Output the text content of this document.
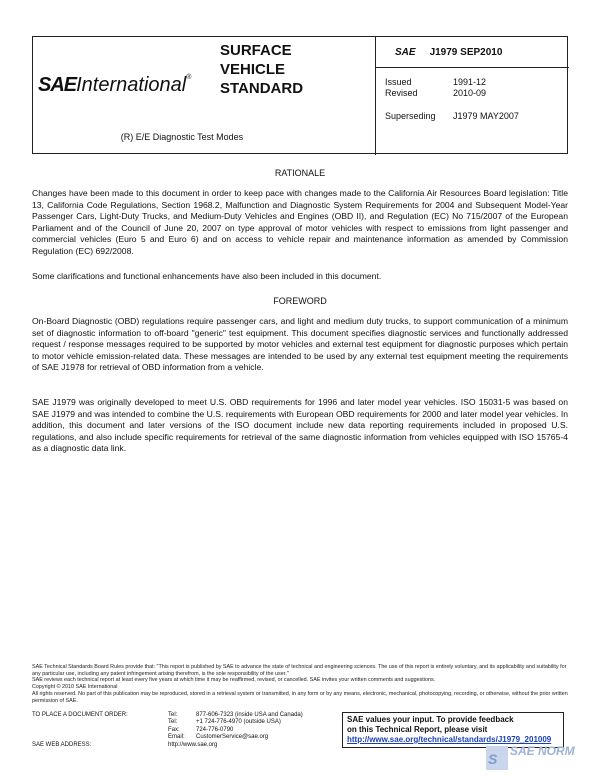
SAEInternational®
SURFACE
VEHICLE
STANDARD
SAE J1979 SEP2010
Issued	1991-12
Revised	2010-09
Superseding J1979 MAY2007
(R) E/E Diagnostic Test Modes
RATIONALE
Changes have been made to this document in order to keep pace with changes made to the California Air Resources Board legislation: Title 13, California Code Regulations, Section 1968.2, Malfunction and Diagnostic System Requirements for 2004 and Subsequent Model-Year Passenger Cars, Light-Duty Trucks, and Medium-Duty Vehicles and Engines (OBD II), and Regulation (EC) No 715/2007 of the European Parliament and of the Council of June 20, 2007 on type approval of motor vehicles with respect to emissions from light passenger and commercial vehicles (Euro 5 and Euro 6) and on access to vehicle repair and maintenance information as amended by Commission Regulation (EC) 692/2008.
Some clarifications and functional enhancements have also been included in this document.
FOREWORD
On-Board Diagnostic (OBD) regulations require passenger cars, and light and medium duty trucks, to support communication of a minimum set of diagnostic information to off-board "generic" test equipment. This document specifies diagnostic services and functionally addressed request / response messages required to be supported by motor vehicles and external test equipment for diagnostic purposes which pertain to motor vehicle emission-related data. These messages are intended to be used by any external test equipment meeting the requirements of SAE J1978 for retrieval of OBD information from a vehicle.
SAE J1979 was originally developed to meet U.S. OBD requirements for 1996 and later model year vehicles. ISO 15031-5 was based on SAE J1979 and was intended to combine the U.S. requirements with European OBD requirements for 2000 and later model year vehicles. In addition, this document and later versions of the ISO document include new data reporting requirements included in proposed U.S. regulations, and also include specific requirements for retrieval of the same diagnostic information from vehicles equipped with ISO 15765-4 as a diagnostic data link.
SAE Technical Standards Board Rules provide that: "This report is published by SAE to advance the state of technical and engineering sciences. The use of this report is entirely voluntary, and its applicability and suitability for any particular use, including any patent infringement arising therefrom, is the sole responsibility of the user."
SAE reviews each technical report at least every five years at which time it may be reaffirmed, revised, or cancelled. SAE invites your written comments and suggestions.
Copyright © 2010 SAE International
All rights reserved. No part of this publication may be reproduced, stored in a retrieval system or transmitted, in any form or by any means, electronic, mechanical, photocopying, recording, or otherwise, without the prior written permission of SAE.
TO PLACE A DOCUMENT ORDER:	Tel:	877-606-7323 (inside USA and Canada)
Tel:	+1 724-776-4970 (outside USA)
Fax:	724-776-0790
Email: CustomerService@sae.org
SAE WEB ADDRESS:	http://www.sae.org
SAE values your input. To provide feedback
on this Technical Report, please visit
http://www.sae.org/technical/standards/J1979_201009
S SAE NORM
